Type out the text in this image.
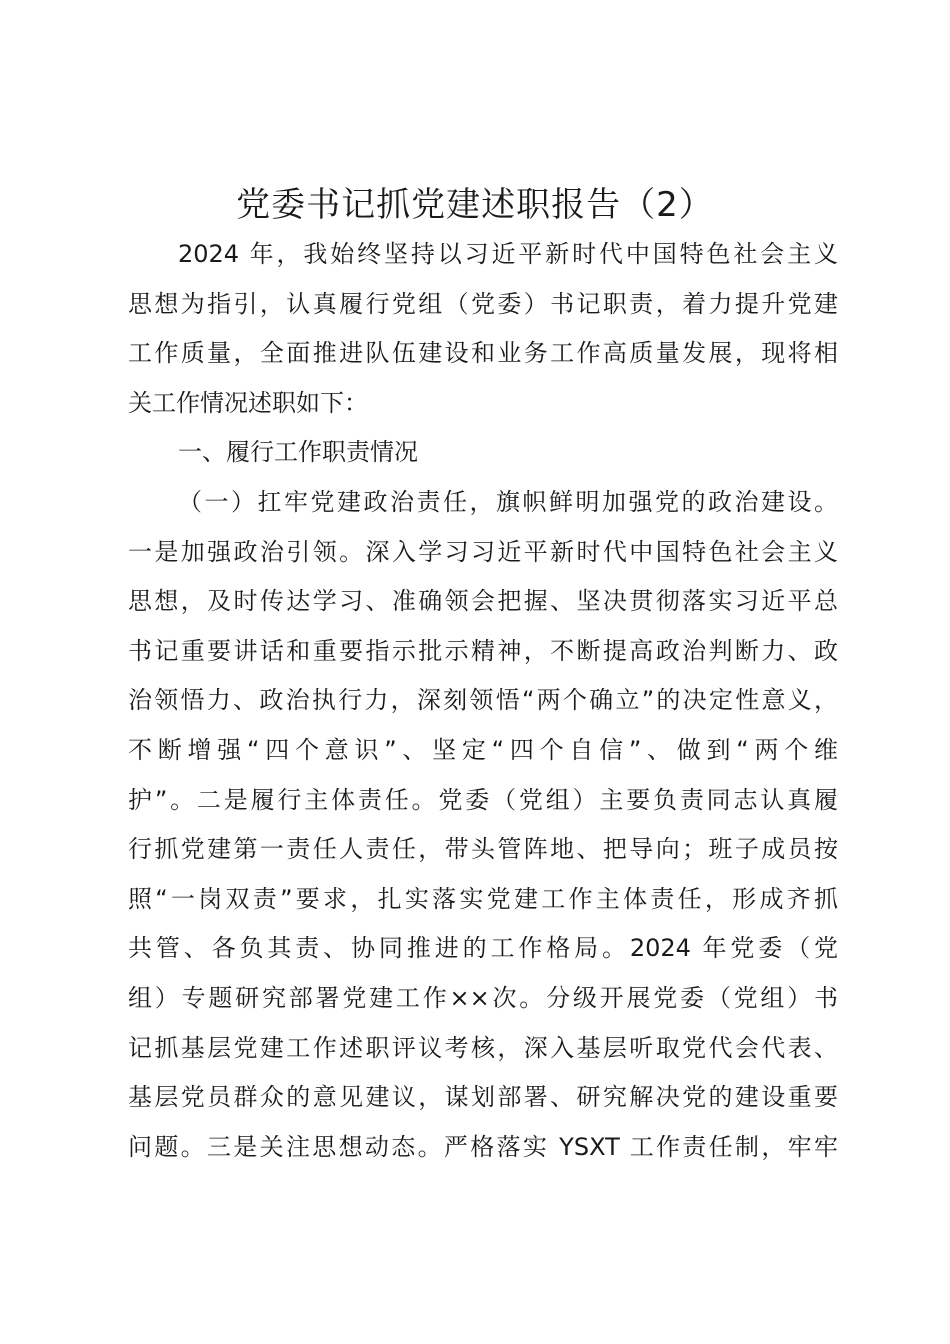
党委书记抓党建述职报告（2）
2024 年，我始终坚持以习近平新时代中国特色社会主义
思想为指引，认真履行党组（党委）书记职责，着力提升党建
工作质量，全面推进队伍建设和业务工作高质量发展，现将相
关工作情况述职如下：
一、履行工作职责情况
（一）扛牢党建政治责任，旗帜鲜明加强党的政治建设。
一是加强政治引领。深入学习习近平新时代中国特色社会主义
思想，及时传达学习、准确领会把握、坚决贯彻落实习近平总
书记重要讲话和重要指示批示精神，不断提高政治判断力、政
治领悟力、政治执行力，深刻领悟“两个确立”的决定性意义，
不断增强“四个意识”、坚定“四个自信”、做到“两个维
护”。二是履行主体责任。党委（党组）主要负责同志认真履
行抓党建第一责任人责任，带头管阵地、把导向；班子成员按
照“一岗双责”要求，扎实落实党建工作主体责任，形成齐抓
共管、各负其责、协同推进的工作格局。2024 年党委（党
组）专题研究部署党建工作××次。分级开展党委（党组）书
记抓基层党建工作述职评议考核，深入基层听取党代会代表、
基层党员群众的意见建议，谋划部署、研究解决党的建设重要
问题。三是关注思想动态。严格落实 YSXT 工作责任制，牢牢
